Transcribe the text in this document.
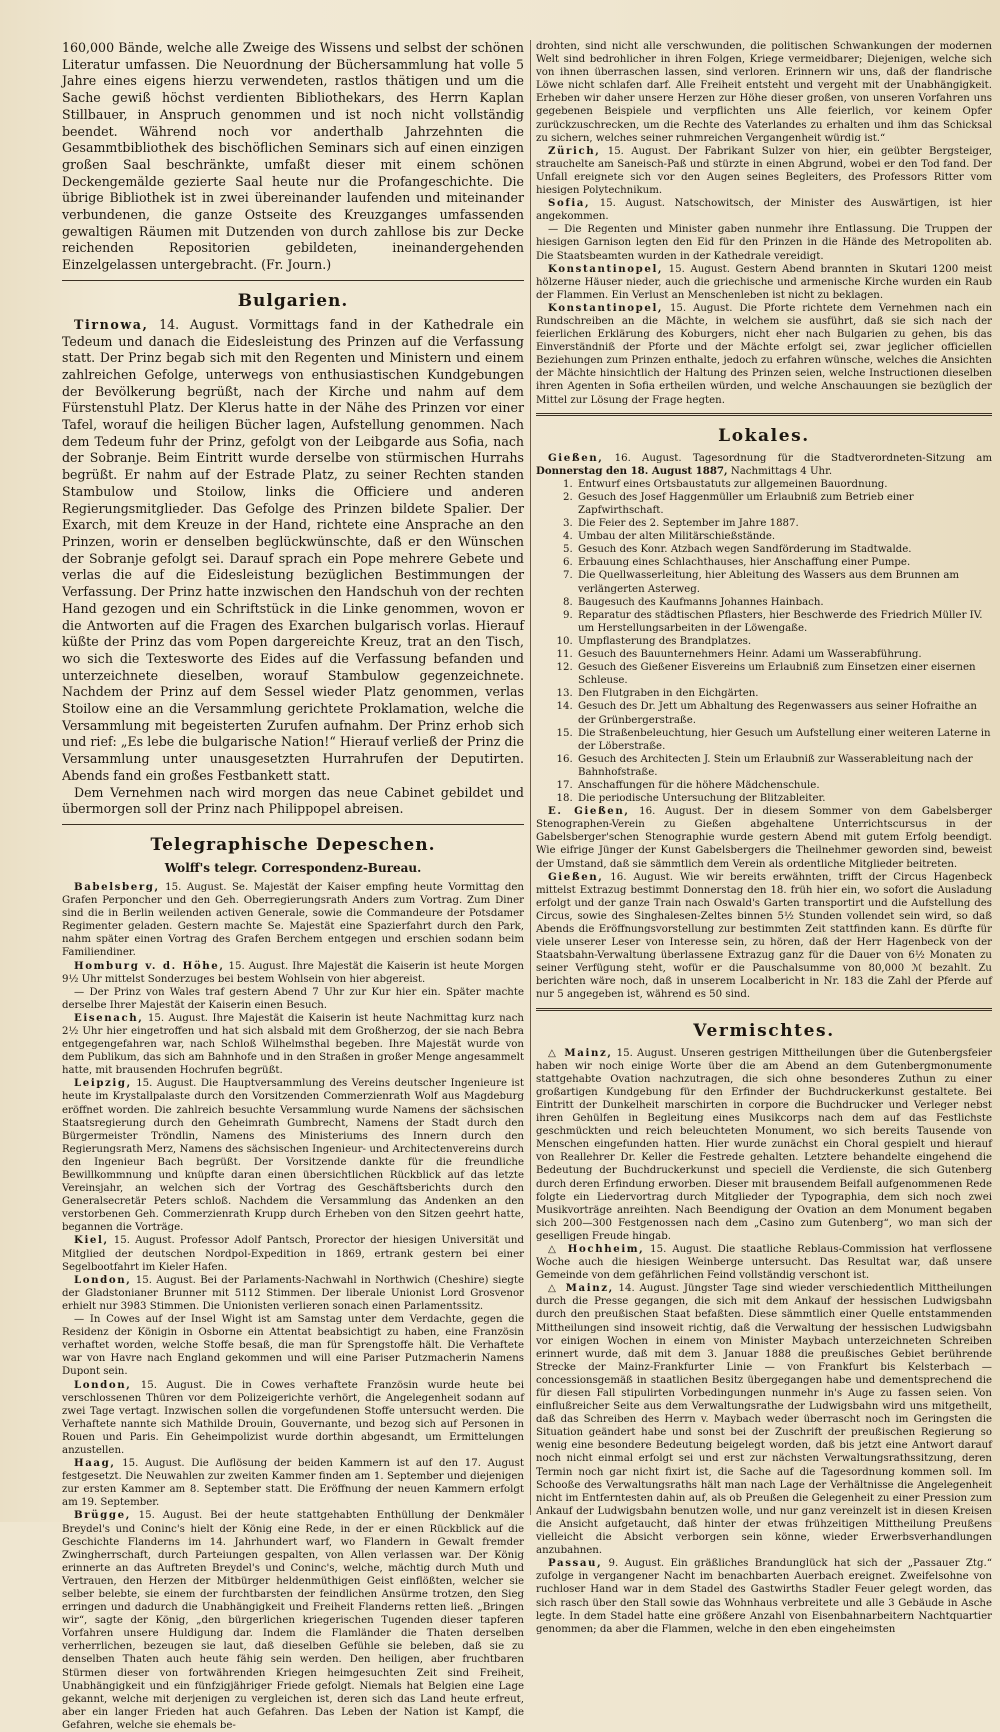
160,000 Bände, welche alle Zweige des Wissens und selbst der schönen Literatur umfassen. Die Neuordnung der Büchersammlung hat volle 5 Jahre eines eigens hierzu verwendeten, rastlos thätigen und um die Sache gewiß höchst verdienten Bibliothekars, des Herrn Kaplan Stillbauer, in Anspruch genommen und ist noch nicht vollständig beendet. Während noch vor anderthalb Jahrzehnten die Gesammtbibliothek des bischöflichen Seminars sich auf einen einzigen großen Saal beschränkte, umfaßt dieser mit einem schönen Deckengemälde gezierte Saal heute nur die Profangeschichte. Die übrige Bibliothek ist in zwei übereinander laufenden und miteinander verbundenen, die ganze Ostseite des Kreuzganges umfassenden gewaltigen Räumen mit Dutzenden von durch zahllose bis zur Decke reichenden Repositorien gebildeten, ineinandergehenden Einzelgelassen untergebracht. (Fr. Journ.)

Bulgarien.

Tirnowa, 14. August. Vormittags fand in der Kathedrale ein Tedeum und danach die Eidesleistung des Prinzen auf die Verfassung statt. Der Prinz begab sich mit den Regenten und Ministern und einem zahlreichen Gefolge, unterwegs von enthusiastischen Kundgebungen der Bevölkerung begrüßt, nach der Kirche und nahm auf dem Fürstenstuhl Platz. Der Klerus hatte in der Nähe des Prinzen vor einer Tafel, worauf die heiligen Bücher lagen, Aufstellung genommen. Nach dem Tedeum fuhr der Prinz, gefolgt von der Leibgarde aus Sofia, nach der Sobranje. Beim Eintritt wurde derselbe von stürmischen Hurrahs begrüßt. Er nahm auf der Estrade Platz, zu seiner Rechten standen Stambulow und Stoilow, links die Officiere und anderen Regierungsmitglieder. Das Gefolge des Prinzen bildete Spalier. Der Exarch, mit dem Kreuze in der Hand, richtete eine Ansprache an den Prinzen, worin er denselben beglückwünschte, daß er den Wünschen der Sobranje gefolgt sei. Darauf sprach ein Pope mehrere Gebete und verlas die auf die Eidesleistung bezüglichen Bestimmungen der Verfassung. Der Prinz hatte inzwischen den Handschuh von der rechten Hand gezogen und ein Schriftstück in die Linke genommen, wovon er die Antworten auf die Fragen des Exarchen bulgarisch vorlas. Hierauf küßte der Prinz das vom Popen dargereichte Kreuz, trat an den Tisch, wo sich die Textesworte des Eides auf die Verfassung befanden und unterzeichnete dieselben, worauf Stambulow gegenzeichnete. Nachdem der Prinz auf dem Sessel wieder Platz genommen, verlas Stoilow eine an die Versammlung gerichtete Proklamation, welche die Versammlung mit begeisterten Zurufen aufnahm. Der Prinz erhob sich und rief: „Es lebe die bulgarische Nation!“ Hierauf verließ der Prinz die Versammlung unter unausgesetzten Hurrahrufen der Deputirten. Abends fand ein großes Festbankett statt.

Dem Vernehmen nach wird morgen das neue Cabinet gebildet und übermorgen soll der Prinz nach Philippopel abreisen.

Telegraphische Depeschen.
Wolff's telegr. Correspondenz-Bureau.

Babelsberg, 15. August. Se. Majestät der Kaiser empfing heute Vormittag den Grafen Perponcher und den Geh. Oberregierungsrath Anders zum Vortrag. Zum Diner sind die in Berlin weilenden activen Generale, sowie die Commandeure der Potsdamer Regimenter geladen. Gestern machte Se. Majestät eine Spazierfahrt durch den Park, nahm später einen Vortrag des Grafen Berchem entgegen und erschien sodann beim Familiendiner.

Homburg v. d. Höhe, 15. August. Ihre Majestät die Kaiserin ist heute Morgen 9½ Uhr mittelst Sonderzuges bei bestem Wohlsein von hier abgereist.

— Der Prinz von Wales traf gestern Abend 7 Uhr zur Kur hier ein. Später machte derselbe Ihrer Majestät der Kaiserin einen Besuch.

Eisenach, 15. August. Ihre Majestät die Kaiserin ist heute Nachmittag kurz nach 2½ Uhr hier eingetroffen und hat sich alsbald mit dem Großherzog, der sie nach Bebra entgegengefahren war, nach Schloß Wilhelmsthal begeben. Ihre Majestät wurde von dem Publikum, das sich am Bahnhofe und in den Straßen in großer Menge angesammelt hatte, mit brausenden Hochrufen begrüßt.

Leipzig, 15. August. Die Hauptversammlung des Vereins deutscher Ingenieure ist heute im Krystallpalaste durch den Vorsitzenden Commerzienrath Wolf aus Magdeburg eröffnet worden. Die zahlreich besuchte Versammlung wurde Namens der sächsischen Staatsregierung durch den Geheimrath Gumbrecht, Namens der Stadt durch den Bürgermeister Tröndlin, Namens des Ministeriums des Innern durch den Regierungsrath Merz, Namens des sächsischen Ingenieur- und Architectenvereins durch den Ingenieur Bach begrüßt. Der Vorsitzende dankte für die freundliche Bewillkommnung und knüpfte daran einen übersichtlichen Rückblick auf das letzte Vereinsjahr, an welchen sich der Vortrag des Geschäftsberichts durch den Generalsecretär Peters schloß. Nachdem die Versammlung das Andenken an den verstorbenen Geh. Commerzienrath Krupp durch Erheben von den Sitzen geehrt hatte, begannen die Vorträge.

Kiel, 15. August. Professor Adolf Pantsch, Prorector der hiesigen Universität und Mitglied der deutschen Nordpol-Expedition in 1869, ertrank gestern bei einer Segelbootfahrt im Kieler Hafen.

London, 15. August. Bei der Parlaments-Nachwahl in Northwich (Cheshire) siegte der Gladstonianer Brunner mit 5112 Stimmen. Der liberale Unionist Lord Grosvenor erhielt nur 3983 Stimmen. Die Unionisten verlieren sonach einen Parlamentssitz.

— In Cowes auf der Insel Wight ist am Samstag unter dem Verdachte, gegen die Residenz der Königin in Osborne ein Attentat beabsichtigt zu haben, eine Französin verhaftet worden, welche Stoffe besaß, die man für Sprengstoffe hält. Die Verhaftete war von Havre nach England gekommen und will eine Pariser Putzmacherin Namens Dupont sein.

London, 15. August. Die in Cowes verhaftete Französin wurde heute bei verschlossenen Thüren vor dem Polizeigerichte verhört, die Angelegenheit sodann auf zwei Tage vertagt. Inzwischen sollen die vorgefundenen Stoffe untersucht werden. Die Verhaftete nannte sich Mathilde Drouin, Gouvernante, und bezog sich auf Personen in Rouen und Paris. Ein Geheimpolizist wurde dorthin abgesandt, um Ermittelungen anzustellen.

Haag, 15. August. Die Auflösung der beiden Kammern ist auf den 17. August festgesetzt. Die Neuwahlen zur zweiten Kammer finden am 1. September und diejenigen zur ersten Kammer am 8. September statt. Die Eröffnung der neuen Kammern erfolgt am 19. September.

Brügge, 15. August. Bei der heute stattgehabten Enthüllung der Denkmäler Breydel's und Coninc's hielt der König eine Rede, in der er einen Rückblick auf die Geschichte Flanderns im 14. Jahrhundert warf, wo Flandern in Gewalt fremder Zwingherrschaft, durch Parteiungen gespalten, von Allen verlassen war. Der König erinnerte an das Auftreten Breydel's und Coninc's, welche, mächtig durch Muth und Vertrauen, den Herzen der Mitbürger heldenmüthigen Geist einflößten, welcher sie selber belebte, sie einem der furchtbarsten der feindlichen Ansürme trotzen, den Sieg erringen und dadurch die Unabhängigkeit und Freiheit Flanderns retten ließ. „Bringen wir“, sagte der König, „den bürgerlichen kriegerischen Tugenden dieser tapferen Vorfahren unsere Huldigung dar. Indem die Flamländer die Thaten derselben verherrlichen, bezeugen sie laut, daß dieselben Gefühle sie beleben, daß sie zu denselben Thaten auch heute fähig sein werden. Den heiligen, aber fruchtbaren Stürmen dieser von fortwährenden Kriegen heimgesuchten Zeit sind Freiheit, Unabhängigkeit und ein fünfzigjähriger Friede gefolgt. Niemals hat Belgien eine Lage gekannt, welche mit derjenigen zu vergleichen ist, deren sich das Land heute erfreut, aber ein langer Frieden hat auch Gefahren. Das Leben der Nation ist Kampf, die Gefahren, welche sie ehemals be-

drohten, sind nicht alle verschwunden, die politischen Schwankungen der modernen Welt sind bedrohlicher in ihren Folgen, Kriege vermeidbarer; Diejenigen, welche sich von ihnen überraschen lassen, sind verloren. Erinnern wir uns, daß der flandrische Löwe nicht schlafen darf. Alle Freiheit entsteht und vergeht mit der Unabhängigkeit. Erheben wir daher unsere Herzen zur Höhe dieser großen, von unseren Vorfahren uns gegebenen Beispiele und verpflichten uns Alle feierlich, vor keinem Opfer zurückzuschrecken, um die Rechte des Vaterlandes zu erhalten und ihm das Schicksal zu sichern, welches seiner ruhmreichen Vergangenheit würdig ist.“

Zürich, 15. August. Der Fabrikant Sulzer von hier, ein geübter Bergsteiger, strauchelte am Saneisch-Paß und stürzte in einen Abgrund, wobei er den Tod fand. Der Unfall ereignete sich vor den Augen seines Begleiters, des Professors Ritter vom hiesigen Polytechnikum.

Sofia, 15. August. Natschowitsch, der Minister des Auswärtigen, ist hier angekommen.

— Die Regenten und Minister gaben nunmehr ihre Entlassung. Die Truppen der hiesigen Garnison legten den Eid für den Prinzen in die Hände des Metropoliten ab. Die Staatsbeamten wurden in der Kathedrale vereidigt.

Konstantinopel, 15. August. Gestern Abend brannten in Skutari 1200 meist hölzerne Häuser nieder, auch die griechische und armenische Kirche wurden ein Raub der Flammen. Ein Verlust an Menschenleben ist nicht zu beklagen.

Konstantinopel, 15. August. Die Pforte richtete dem Vernehmen nach ein Rundschreiben an die Mächte, in welchem sie ausführt, daß sie sich nach der feierlichen Erklärung des Koburgers, nicht eher nach Bulgarien zu gehen, bis das Einverständniß der Pforte und der Mächte erfolgt sei, zwar jeglicher officiellen Beziehungen zum Prinzen enthalte, jedoch zu erfahren wünsche, welches die Ansichten der Mächte hinsichtlich der Haltung des Prinzen seien, welche Instructionen dieselben ihren Agenten in Sofia ertheilen würden, und welche Anschauungen sie bezüglich der Mittel zur Lösung der Frage hegten.

Lokales.

Gießen, 16. August. Tagesordnung für die Stadtverordneten-Sitzung am Donnerstag den 18. August 1887, Nachmittags 4 Uhr.

1. Entwurf eines Ortsbaustatuts zur allgemeinen Bauordnung.
2. Gesuch des Josef Haggenmüller um Erlaubniß zum Betrieb einer Zapfwirthschaft.
3. Die Feier des 2. September im Jahre 1887.
4. Umbau der alten Militärschießstände.
5. Gesuch des Konr. Atzbach wegen Sandförderung im Stadtwalde.
6. Erbauung eines Schlachthauses, hier Anschaffung einer Pumpe.
7. Die Quellwasserleitung, hier Ableitung des Wassers aus dem Brunnen am verlängerten Asterweg.
8. Baugesuch des Kaufmanns Johannes Hainbach.
9. Reparatur des städtischen Pflasters, hier Beschwerde des Friedrich Müller IV. um Herstellungsarbeiten in der Löwengaße.
10. Umpflasterung des Brandplatzes.
11. Gesuch des Bauunternehmers Heinr. Adami um Wasserabführung.
12. Gesuch des Gießener Eisvereins um Erlaubniß zum Einsetzen einer eisernen Schleuse.
13. Den Flutgraben in den Eichgärten.
14. Gesuch des Dr. Jett um Abhaltung des Regenwassers aus seiner Hofraithe an der Grünbergerstraße.
15. Die Straßenbeleuchtung, hier Gesuch um Aufstellung einer weiteren Laterne in der Löberstraße.
16. Gesuch des Architecten J. Stein um Erlaubniß zur Wasserableitung nach der Bahnhofstraße.
17. Anschaffungen für die höhere Mädchenschule.
18. Die periodische Untersuchung der Blitzableiter.

E. Gießen, 16. August. Der in diesem Sommer von dem Gabelsberger Stenographen-Verein zu Gießen abgehaltene Unterrichtscursus in der Gabelsberger'schen Stenographie wurde gestern Abend mit gutem Erfolg beendigt. Wie eifrige Jünger der Kunst Gabelsbergers die Theilnehmer geworden sind, beweist der Umstand, daß sie sämmtlich dem Verein als ordentliche Mitglieder beitreten.

Gießen, 16. August. Wie wir bereits erwähnten, trifft der Circus Hagenbeck mittelst Extrazug bestimmt Donnerstag den 18. früh hier ein, wo sofort die Ausladung erfolgt und der ganze Train nach Oswald's Garten transportirt und die Aufstellung des Circus, sowie des Singhalesen-Zeltes binnen 5½ Stunden vollendet sein wird, so daß Abends die Eröffnungsvorstellung zur bestimmten Zeit stattfinden kann. Es dürfte für viele unserer Leser von Interesse sein, zu hören, daß der Herr Hagenbeck von der Staatsbahn-Verwaltung überlassene Extrazug ganz für die Dauer von 6½ Monaten zu seiner Verfügung steht, wofür er die Pauschalsumme von 80,000 ℳ bezahlt. Zu berichten wäre noch, daß in unserem Localbericht in Nr. 183 die Zahl der Pferde auf nur 5 angegeben ist, während es 50 sind.

Vermischtes.

△ Mainz, 15. August. Unseren gestrigen Mittheilungen über die Gutenbergsfeier haben wir noch einige Worte über die am Abend an dem Gutenbergmonumente stattgehabte Ovation nachzutragen, die sich ohne besonderes Zuthun zu einer großartigen Kundgebung für den Erfinder der Buchdruckerkunst gestaltete. Bei Eintritt der Dunkelheit marschirten in corpore die Buchdrucker und Verleger nebst ihren Gehülfen in Begleitung eines Musikcorps nach dem auf das Festlichste geschmückten und reich beleuchteten Monument, wo sich bereits Tausende von Menschen eingefunden hatten. Hier wurde zunächst ein Choral gespielt und hierauf von Reallehrer Dr. Keller die Festrede gehalten. Letztere behandelte eingehend die Bedeutung der Buchdruckerkunst und speciell die Verdienste, die sich Gutenberg durch deren Erfindung erworben. Dieser mit brausendem Beifall aufgenommenen Rede folgte ein Liedervortrag durch Mitglieder der Typographia, dem sich noch zwei Musikvorträge anreihten. Nach Beendigung der Ovation an dem Monument begaben sich 200—300 Festgenossen nach dem „Casino zum Gutenberg“, wo man sich der geselligen Freude hingab.

△ Hochheim, 15. August. Die staatliche Reblaus-Commission hat verflossene Woche auch die hiesigen Weinberge untersucht. Das Resultat war, daß unsere Gemeinde von dem gefährlichen Feind vollständig verschont ist.

△ Mainz, 14. August. Jüngster Tage sind wieder verschiedentlich Mittheilungen durch die Presse gegangen, die sich mit dem Ankauf der hessischen Ludwigsbahn durch den preußischen Staat befaßten. Diese sämmtlich einer Quelle entstammenden Mittheilungen sind insoweit richtig, daß die Verwaltung der hessischen Ludwigsbahn vor einigen Wochen in einem von Minister Maybach unterzeichneten Schreiben erinnert wurde, daß mit dem 3. Januar 1888 die preußisches Gebiet berührende Strecke der Mainz-Frankfurter Linie — von Frankfurt bis Kelsterbach — concessionsgemäß in staatlichen Besitz übergegangen habe und dementsprechend die für diesen Fall stipulirten Vorbedingungen nunmehr in's Auge zu fassen seien. Von einflußreicher Seite aus dem Verwaltungsrathe der Ludwigsbahn wird uns mitgetheilt, daß das Schreiben des Herrn v. Maybach weder überrascht noch im Geringsten die Situation geändert habe und sonst bei der Zuschrift der preußischen Regierung so wenig eine besondere Bedeutung beigelegt worden, daß bis jetzt eine Antwort darauf noch nicht einmal erfolgt sei und erst zur nächsten Verwaltungsrathssitzung, deren Termin noch gar nicht fixirt ist, die Sache auf die Tagesordnung kommen soll. Im Schooße des Verwaltungsraths hält man nach Lage der Verhältnisse die Angelegenheit nicht im Entferntesten dahin auf, als ob Preußen die Gelegenheit zu einer Pression zum Ankauf der Ludwigsbahn benutzen wolle, und nur ganz vereinzelt ist in diesen Kreisen die Ansicht aufgetaucht, daß hinter der etwas frühzeitigen Mittheilung Preußens vielleicht die Absicht verborgen sein könne, wieder Erwerbsverhandlungen anzubahnen.

Passau, 9. August. Ein gräßliches Brandunglück hat sich der „Passauer Ztg.“ zufolge in vergangener Nacht im benachbarten Auerbach ereignet. Zweifelsohne von ruchloser Hand war in dem Stadel des Gastwirths Stadler Feuer gelegt worden, das sich rasch über den Stall sowie das Wohnhaus verbreitete und alle 3 Gebäude in Asche legte. In dem Stadel hatte eine größere Anzahl von Eisenbahnarbeitern Nachtquartier genommen; da aber die Flammen, welche in den eben eingeheimsten
